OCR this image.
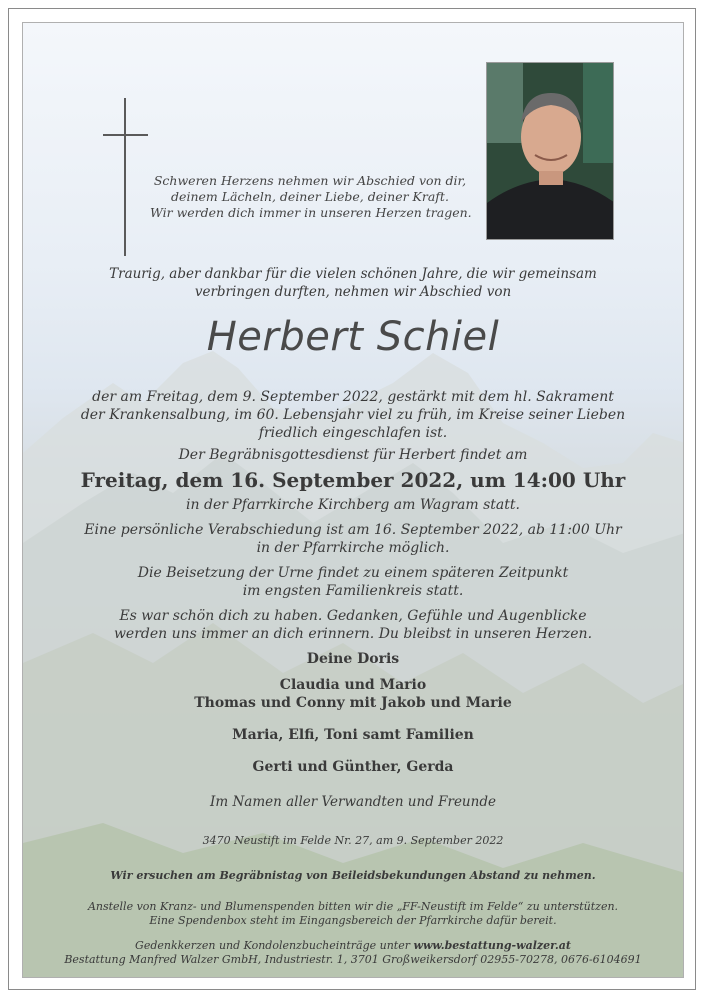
Schweren Herzens nehmen wir Abschied von dir,
deinem Lächeln, deiner Liebe, deiner Kraft.
Wir werden dich immer in unseren Herzen tragen.
Traurig, aber dankbar für die vielen schönen Jahre, die wir gemeinsam
verbringen durften, nehmen wir Abschied von
Herbert Schiel
der am Freitag, dem 9. September 2022, gestärkt mit dem hl. Sakrament
der Krankensalbung, im 60. Lebensjahr viel zu früh, im Kreise seiner Lieben
friedlich eingeschlafen ist.
Der Begräbnisgottesdienst für Herbert findet am
Freitag, dem 16. September 2022, um 14:00 Uhr
in der Pfarrkirche Kirchberg am Wagram statt.
Eine persönliche Verabschiedung ist am 16. September 2022, ab 11:00 Uhr
in der Pfarrkirche möglich.
Die Beisetzung der Urne findet zu einem späteren Zeitpunkt
im engsten Familienkreis statt.
Es war schön dich zu haben. Gedanken, Gefühle und Augenblicke
werden uns immer an dich erinnern. Du bleibst in unseren Herzen.
Deine Doris
Claudia und Mario
Thomas und Conny mit Jakob und Marie
Maria, Elfi, Toni samt Familien
Gerti und Günther, Gerda
Im Namen aller Verwandten und Freunde
3470 Neustift im Felde Nr. 27, am 9. September 2022
Wir ersuchen am Begräbnistag von Beileidsbekundungen Abstand zu nehmen.
Anstelle von Kranz- und Blumenspenden bitten wir die „FF-Neustift im Felde“ zu unterstützen.
Eine Spendenbox steht im Eingangsbereich der Pfarrkirche dafür bereit.
Gedenkkerzen und Kondolenzbucheinträge unter www.bestattung-walzer.at
Bestattung Manfred Walzer GmbH, Industriestr. 1, 3701 Großweikersdorf 02955-70278, 0676-6104691
